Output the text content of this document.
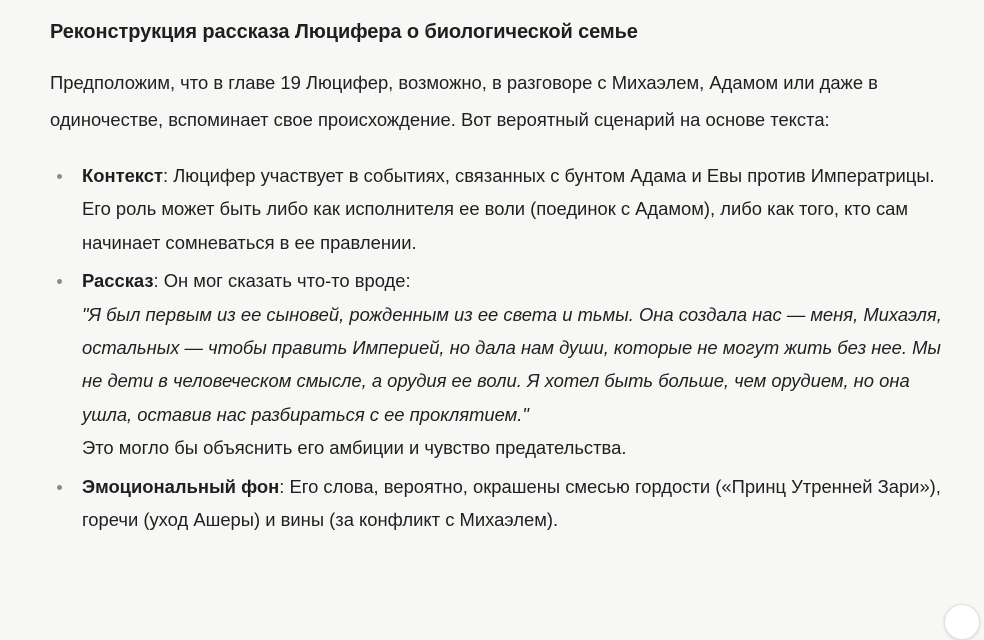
Реконструкция рассказа Люцифера о биологической семье

Предположим, что в главе 19 Люцифер, возможно, в разговоре с Михаэлем, Адамом или даже в одиночестве, вспоминает свое происхождение. Вот вероятный сценарий на основе текста:

Контекст: Люцифер участвует в событиях, связанных с бунтом Адама и Евы против Императрицы. Его роль может быть либо как исполнителя ее воли (поединок с Адамом), либо как того, кто сам начинает сомневаться в ее правлении.
Рассказ: Он мог сказать что-то вроде:
"Я был первым из ее сыновей, рожденным из ее света и тьмы. Она создала нас — меня, Михаэля, остальных — чтобы править Империей, но дала нам души, которые не могут жить без нее. Мы не дети в человеческом смысле, а орудия ее воли. Я хотел быть больше, чем орудием, но она ушла, оставив нас разбираться с ее проклятием."
Это могло бы объяснить его амбиции и чувство предательства.
Эмоциональный фон: Его слова, вероятно, окрашены смесью гордости («Принц Утренней Зари»), горечи (уход Ашеры) и вины (за конфликт с Михаэлем).
